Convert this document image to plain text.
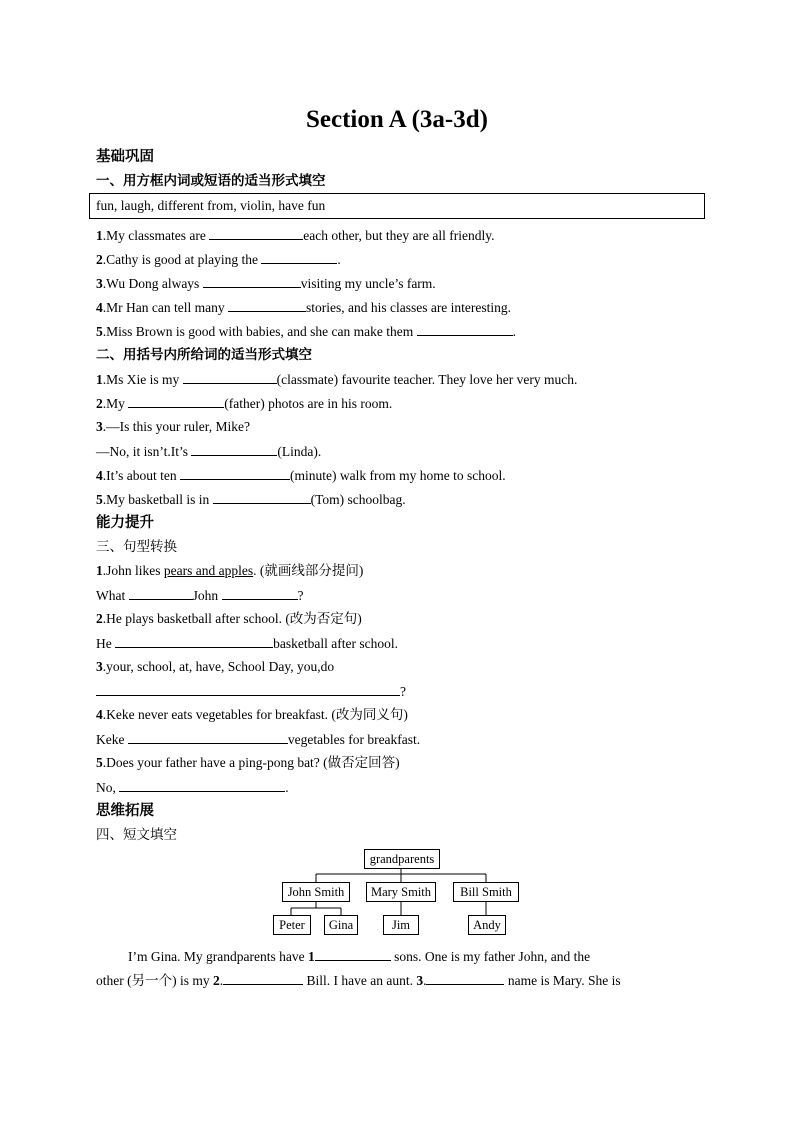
Section A (3a-3d)
基础巩固
一、用方框内词或短语的适当形式填空
fun, laugh, different from, violin, have fun
1.My classmates are	each other, but they are all friendly.
2.Cathy is good at playing the	.
3.Wu Dong always	visiting my uncle’s farm.
4.Mr Han can tell many	stories, and his classes are interesting.
5.Miss Brown is good with babies, and she can make them	.
二、用括号内所给词的适当形式填空
1.Ms Xie is my	(classmate) favourite teacher. They love her very much.
2.My	(father) photos are in his room.
3.—Is this your ruler, Mike?
—No, it isn’t.It’s	(Linda).
4.It’s about ten	(minute) walk from my home to school.
5.My basketball is in	(Tom) schoolbag.
能力提升
三、句型转换
1.John likes pears and apples. (就画线部分提问)
What	John	?
2.He plays basketball after school. (改为否定句)
He	basketball after school.
3.your, school, at, have, School Day, you,do
?
4.Keke never eats vegetables for breakfast. (改为同义句)
Keke	vegetables for breakfast.
5.Does your father have a ping-pong bat? (做否定回答)
No,	.
思维拓展
四、短文填空
grandparents
John Smith	Mary Smith	Bill Smith
Peter	Gina	Jim	Andy
I’m Gina. My grandparents have 1	sons. One is my father John, and the
other (另一个) is my 2.	Bill. I have an aunt. 3.	name is Mary. She is
